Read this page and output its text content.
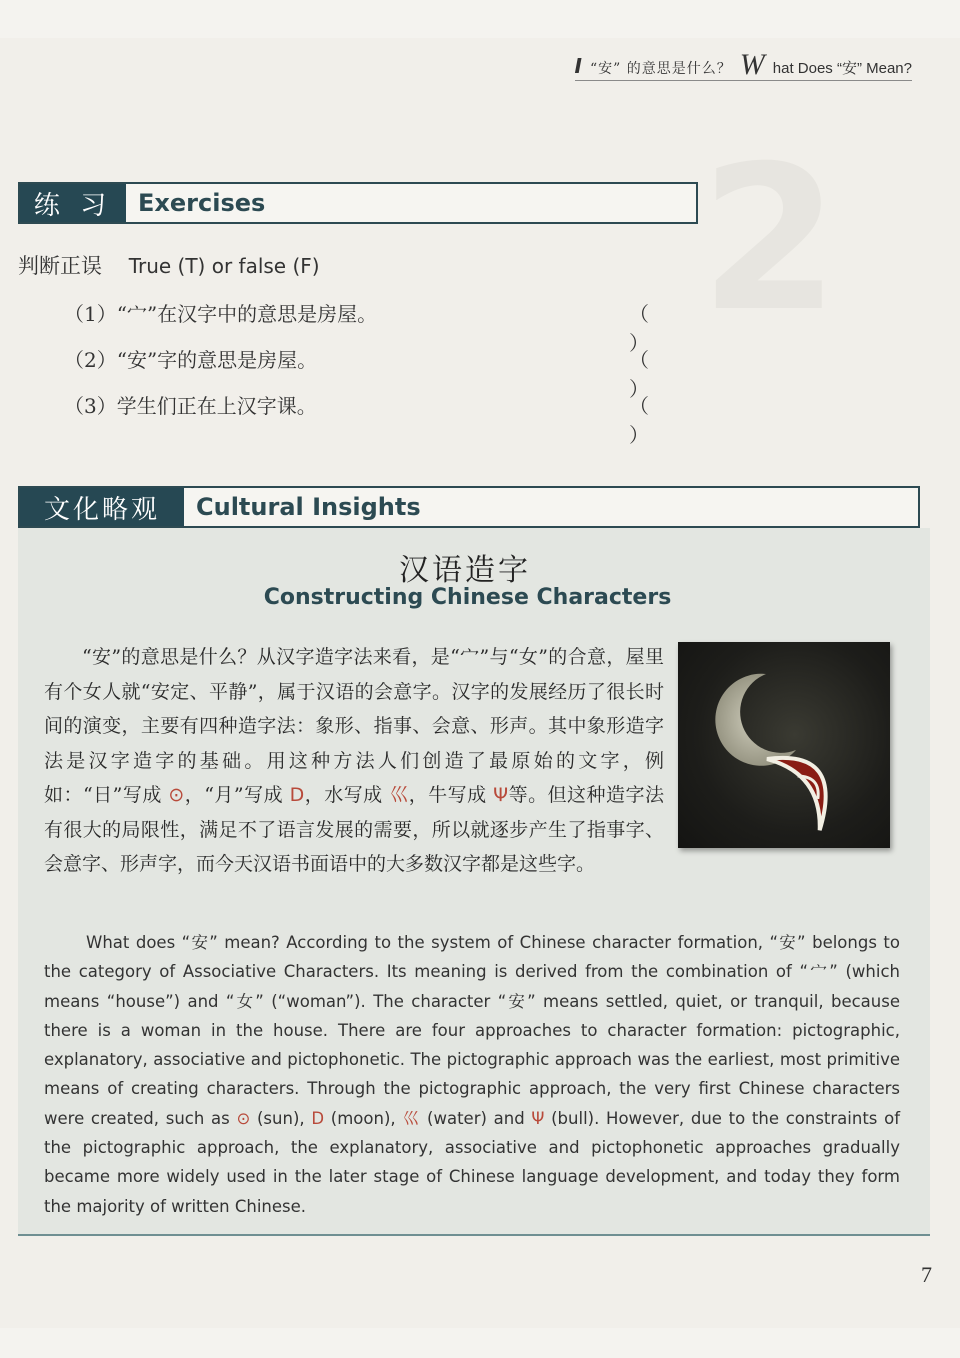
2
I “安” 的意思是什么？ W hat Does “安” Mean?
练 习	Exercises
判断正误 True (T) or false (F)
（1）“宀”在汉字中的意思是房屋。	（ ）
（2）“安”字的意思是房屋。	（ ）
（3）学生们正在上汉字课。	（ ）
文化略观	Cultural Insights
汉语造字
Constructing Chinese Characters
“安”的意思是什么？从汉字造字法来看，是“宀”与“女”的合意，屋里有个女人就“安定、平静”，属于汉语的会意字。汉字的发展经历了很长时间的演变，主要有四种造字法：象形、指事、会意、形声。其中象形造字法是汉字造字的基础。用这种方法人们创造了最原始的文字，例如：“日”写成 ⊙，“月”写成 D，水写成 巛，牛写成 Ψ等。但这种造字法有很大的局限性，满足不了语言发展的需要，所以就逐步产生了指事字、会意字、形声字，而今天汉语书面语中的大多数汉字都是这些字。
What does “安” mean? According to the system of Chinese character formation, “安” belongs to the category of Associative Characters. Its meaning is derived from the combination of “宀” (which means “house”) and “女” (“woman”). The character “安” means settled, quiet, or tranquil, because there is a woman in the house. There are four approaches to character formation: pictographic, explanatory, associative and pictophonetic. The pictographic approach was the earliest, most primitive means of creating characters. Through the pictographic approach, the very first Chinese characters were created, such as ⊙ (sun), D (moon), 巛 (water) and Ψ (bull). However, due to the constraints of the pictographic approach, the explanatory, associative and pictophonetic approaches gradually became more widely used in the later stage of Chinese language development, and today they form the majority of written Chinese.
7
